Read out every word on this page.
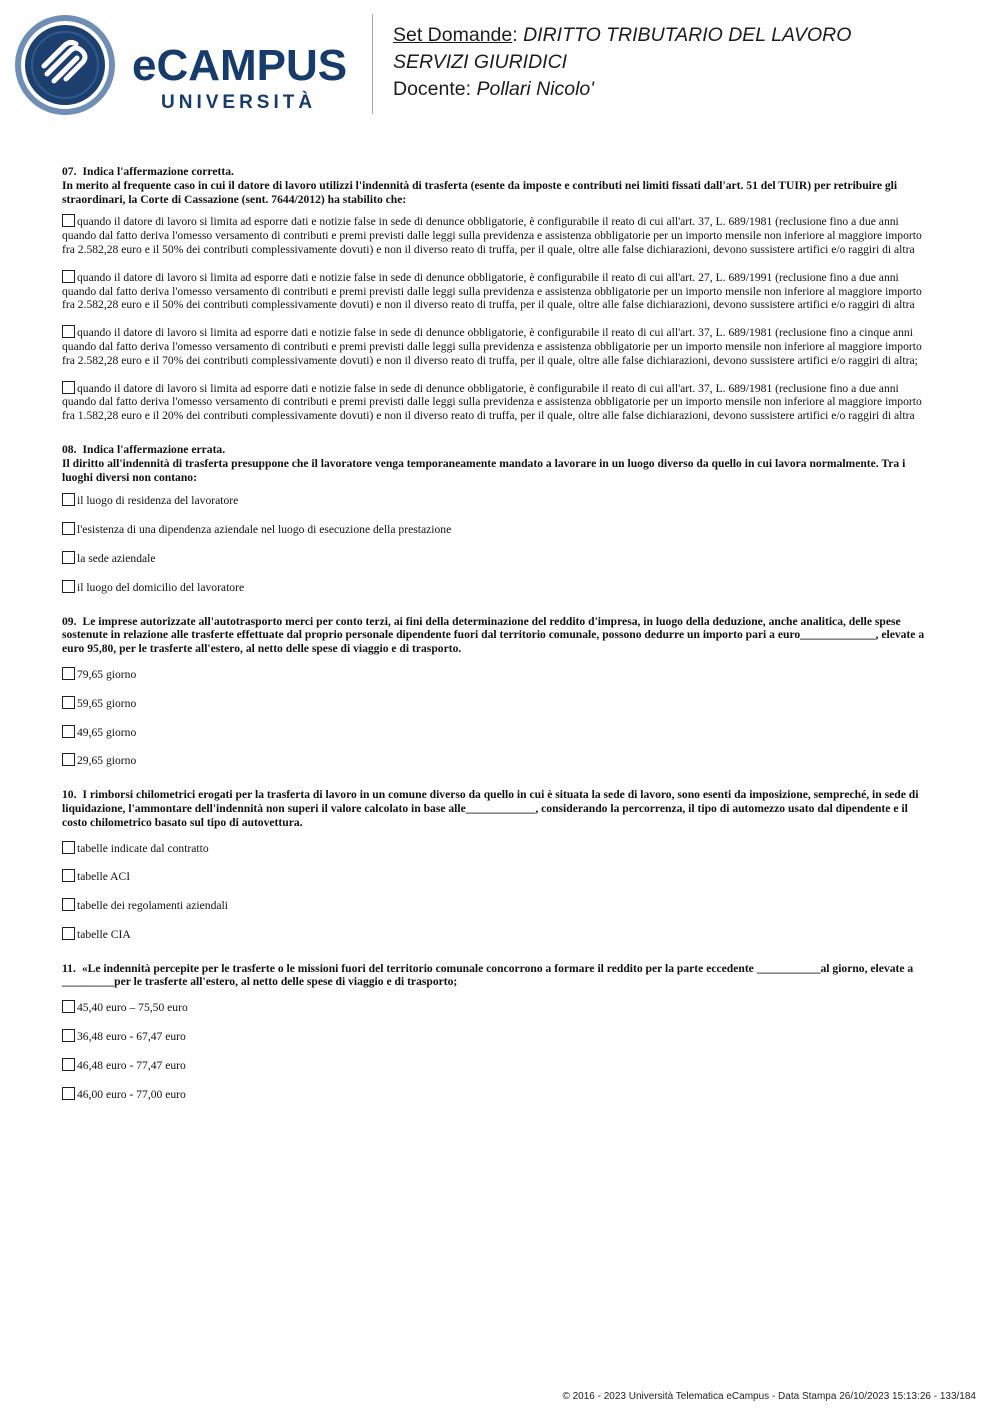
eCAMPUS
UNIVERSITÀ
Set Domande: DIRITTO TRIBUTARIO DEL LAVORO
SERVIZI GIURIDICI
Docente: Pollari Nicolo'

07. Indica l'affermazione corretta.

In merito al frequente caso in cui il datore di lavoro utilizzi l'indennità di trasferta (esente da imposte e contributi nei limiti fissati dall'art. 51 del TUIR) per retribuire gli straordinari, la Corte di Cassazione (sent. 7644/2012) ha stabilito che:

quando il datore di lavoro si limita ad esporre dati e notizie false in sede di denunce obbligatorie, è configurabile il reato di cui all'art. 37, L. 689/1981 (reclusione fino a due anni quando dal fatto deriva l'omesso versamento di contributi e premi previsti dalle leggi sulla previdenza e assistenza obbligatorie per un importo mensile non inferiore al maggiore importo fra 2.582,28 euro e il 50% dei contributi complessivamente dovuti) e non il diverso reato di truffa, per il quale, oltre alle false dichiarazioni, devono sussistere artifici e/o raggiri di altra
quando il datore di lavoro si limita ad esporre dati e notizie false in sede di denunce obbligatorie, è configurabile il reato di cui all'art. 27, L. 689/1991 (reclusione fino a due anni quando dal fatto deriva l'omesso versamento di contributi e premi previsti dalle leggi sulla previdenza e assistenza obbligatorie per un importo mensile non inferiore al maggiore importo fra 2.582,28 euro e il 50% dei contributi complessivamente dovuti) e non il diverso reato di truffa, per il quale, oltre alle false dichiarazioni, devono sussistere artifici e/o raggiri di altra
quando il datore di lavoro si limita ad esporre dati e notizie false in sede di denunce obbligatorie, è configurabile il reato di cui all'art. 37, L. 689/1981 (reclusione fino a cinque anni quando dal fatto deriva l'omesso versamento di contributi e premi previsti dalle leggi sulla previdenza e assistenza obbligatorie per un importo mensile non inferiore al maggiore importo fra 2.582,28 euro e il 70% dei contributi complessivamente dovuti) e non il diverso reato di truffa, per il quale, oltre alle false dichiarazioni, devono sussistere artifici e/o raggiri di altra;
quando il datore di lavoro si limita ad esporre dati e notizie false in sede di denunce obbligatorie, è configurabile il reato di cui all'art. 37, L. 689/1981 (reclusione fino a due anni quando dal fatto deriva l'omesso versamento di contributi e premi previsti dalle leggi sulla previdenza e assistenza obbligatorie per un importo mensile non inferiore al maggiore importo fra 1.582,28 euro e il 20% dei contributi complessivamente dovuti) e non il diverso reato di truffa, per il quale, oltre alle false dichiarazioni, devono sussistere artifici e/o raggiri di altra

08. Indica l'affermazione errata.

Il diritto all'indennità di trasferta presuppone che il lavoratore venga temporaneamente mandato a lavorare in un luogo diverso da quello in cui lavora normalmente. Tra i luoghi diversi non contano:

il luogo di residenza del lavoratore
l'esistenza di una dipendenza aziendale nel luogo di esecuzione della prestazione
la sede aziendale
il luogo del domicilio del lavoratore

09. Le imprese autorizzate all'autotrasporto merci per conto terzi, ai fini della determinazione del reddito d'impresa, in luogo della deduzione, anche analitica, delle spese sostenute in relazione alle trasferte effettuate dal proprio personale dipendente fuori dal territorio comunale, possono dedurre un importo pari a euro_____________, elevate a euro 95,80, per le trasferte all'estero, al netto delle spese di viaggio e di trasporto.

79,65 giorno
59,65 giorno
49,65 giorno
29,65 giorno

10. I rimborsi chilometrici erogati per la trasferta di lavoro in un comune diverso da quello in cui è situata la sede di lavoro, sono esenti da imposizione, sempreché, in sede di liquidazione, l'ammontare dell'indennità non superi il valore calcolato in base alle____________, considerando la percorrenza, il tipo di automezzo usato dal dipendente e il costo chilometrico basato sul tipo di autovettura.

tabelle indicate dal contratto
tabelle ACI
tabelle dei regolamenti aziendali
tabelle CIA

11. «Le indennità percepite per le trasferte o le missioni fuori del territorio comunale concorrono a formare il reddito per la parte eccedente ___________al giorno, elevate a _________per le trasferte all'estero, al netto delle spese di viaggio e di trasporto;

45,40 euro – 75,50 euro
36,48 euro - 67,47 euro
46,48 euro - 77,47 euro
46,00 euro - 77,00 euro
© 2016 - 2023 Università Telematica eCampus - Data Stampa 26/10/2023 15:13:26 - 133/184
